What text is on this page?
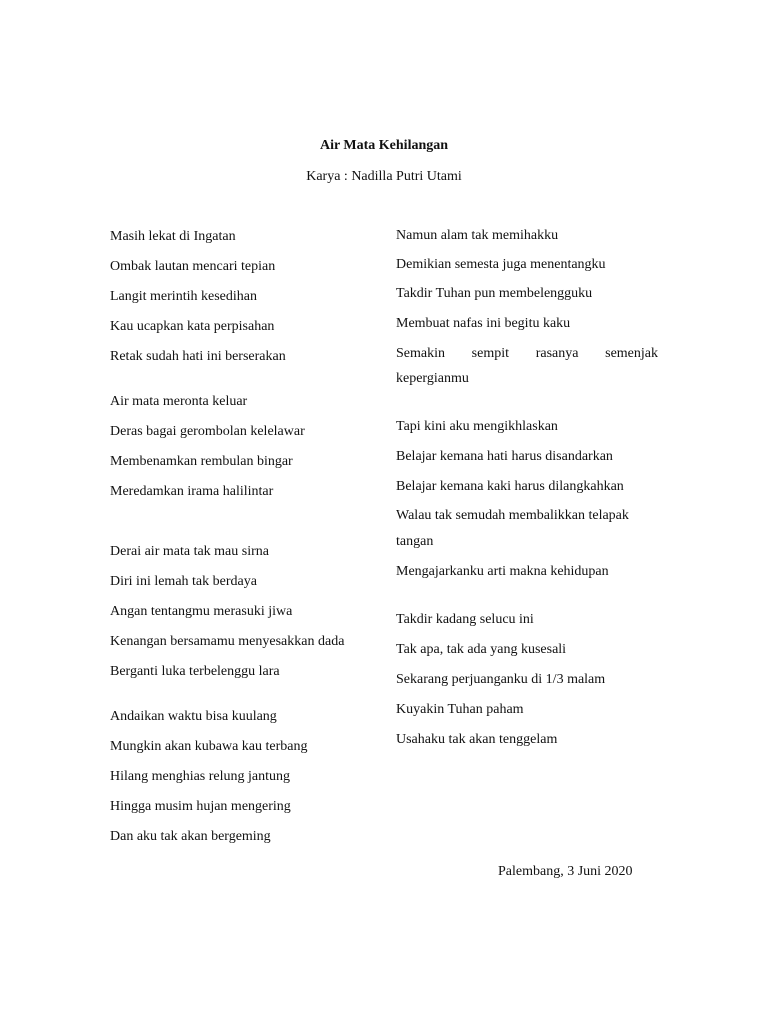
Air Mata Kehilangan
Karya : Nadilla Putri Utami
Masih lekat di Ingatan
Ombak lautan mencari tepian
Langit merintih kesedihan
Kau ucapkan kata perpisahan
Retak sudah hati ini berserakan
Air mata meronta keluar
Deras bagai gerombolan kelelawar
Membenamkan rembulan bingar
Meredamkan irama halilintar
Derai air mata tak mau sirna
Diri ini lemah tak berdaya
Angan tentangmu merasuki jiwa
Kenangan bersamamu menyesakkan dada
Berganti luka terbelenggu lara
Andaikan waktu bisa kuulang
Mungkin akan kubawa kau terbang
Hilang menghias relung jantung
Hingga musim hujan mengering
Dan aku tak akan bergeming
Namun alam tak memihakku
Demikian semesta juga menentangku
Takdir Tuhan pun membelengguku
Membuat nafas ini begitu kaku
Semakin sempit rasanya semenjak
kepergianmu
Tapi kini aku mengikhlaskan
Belajar kemana hati harus disandarkan
Belajar kemana kaki harus dilangkahkan
Walau tak semudah membalikkan telapak
tangan
Mengajarkanku arti makna kehidupan
Takdir kadang selucu ini
Tak apa, tak ada yang kusesali
Sekarang perjuanganku di 1/3 malam
Kuyakin Tuhan paham
Usahaku tak akan tenggelam
Palembang, 3 Juni 2020
